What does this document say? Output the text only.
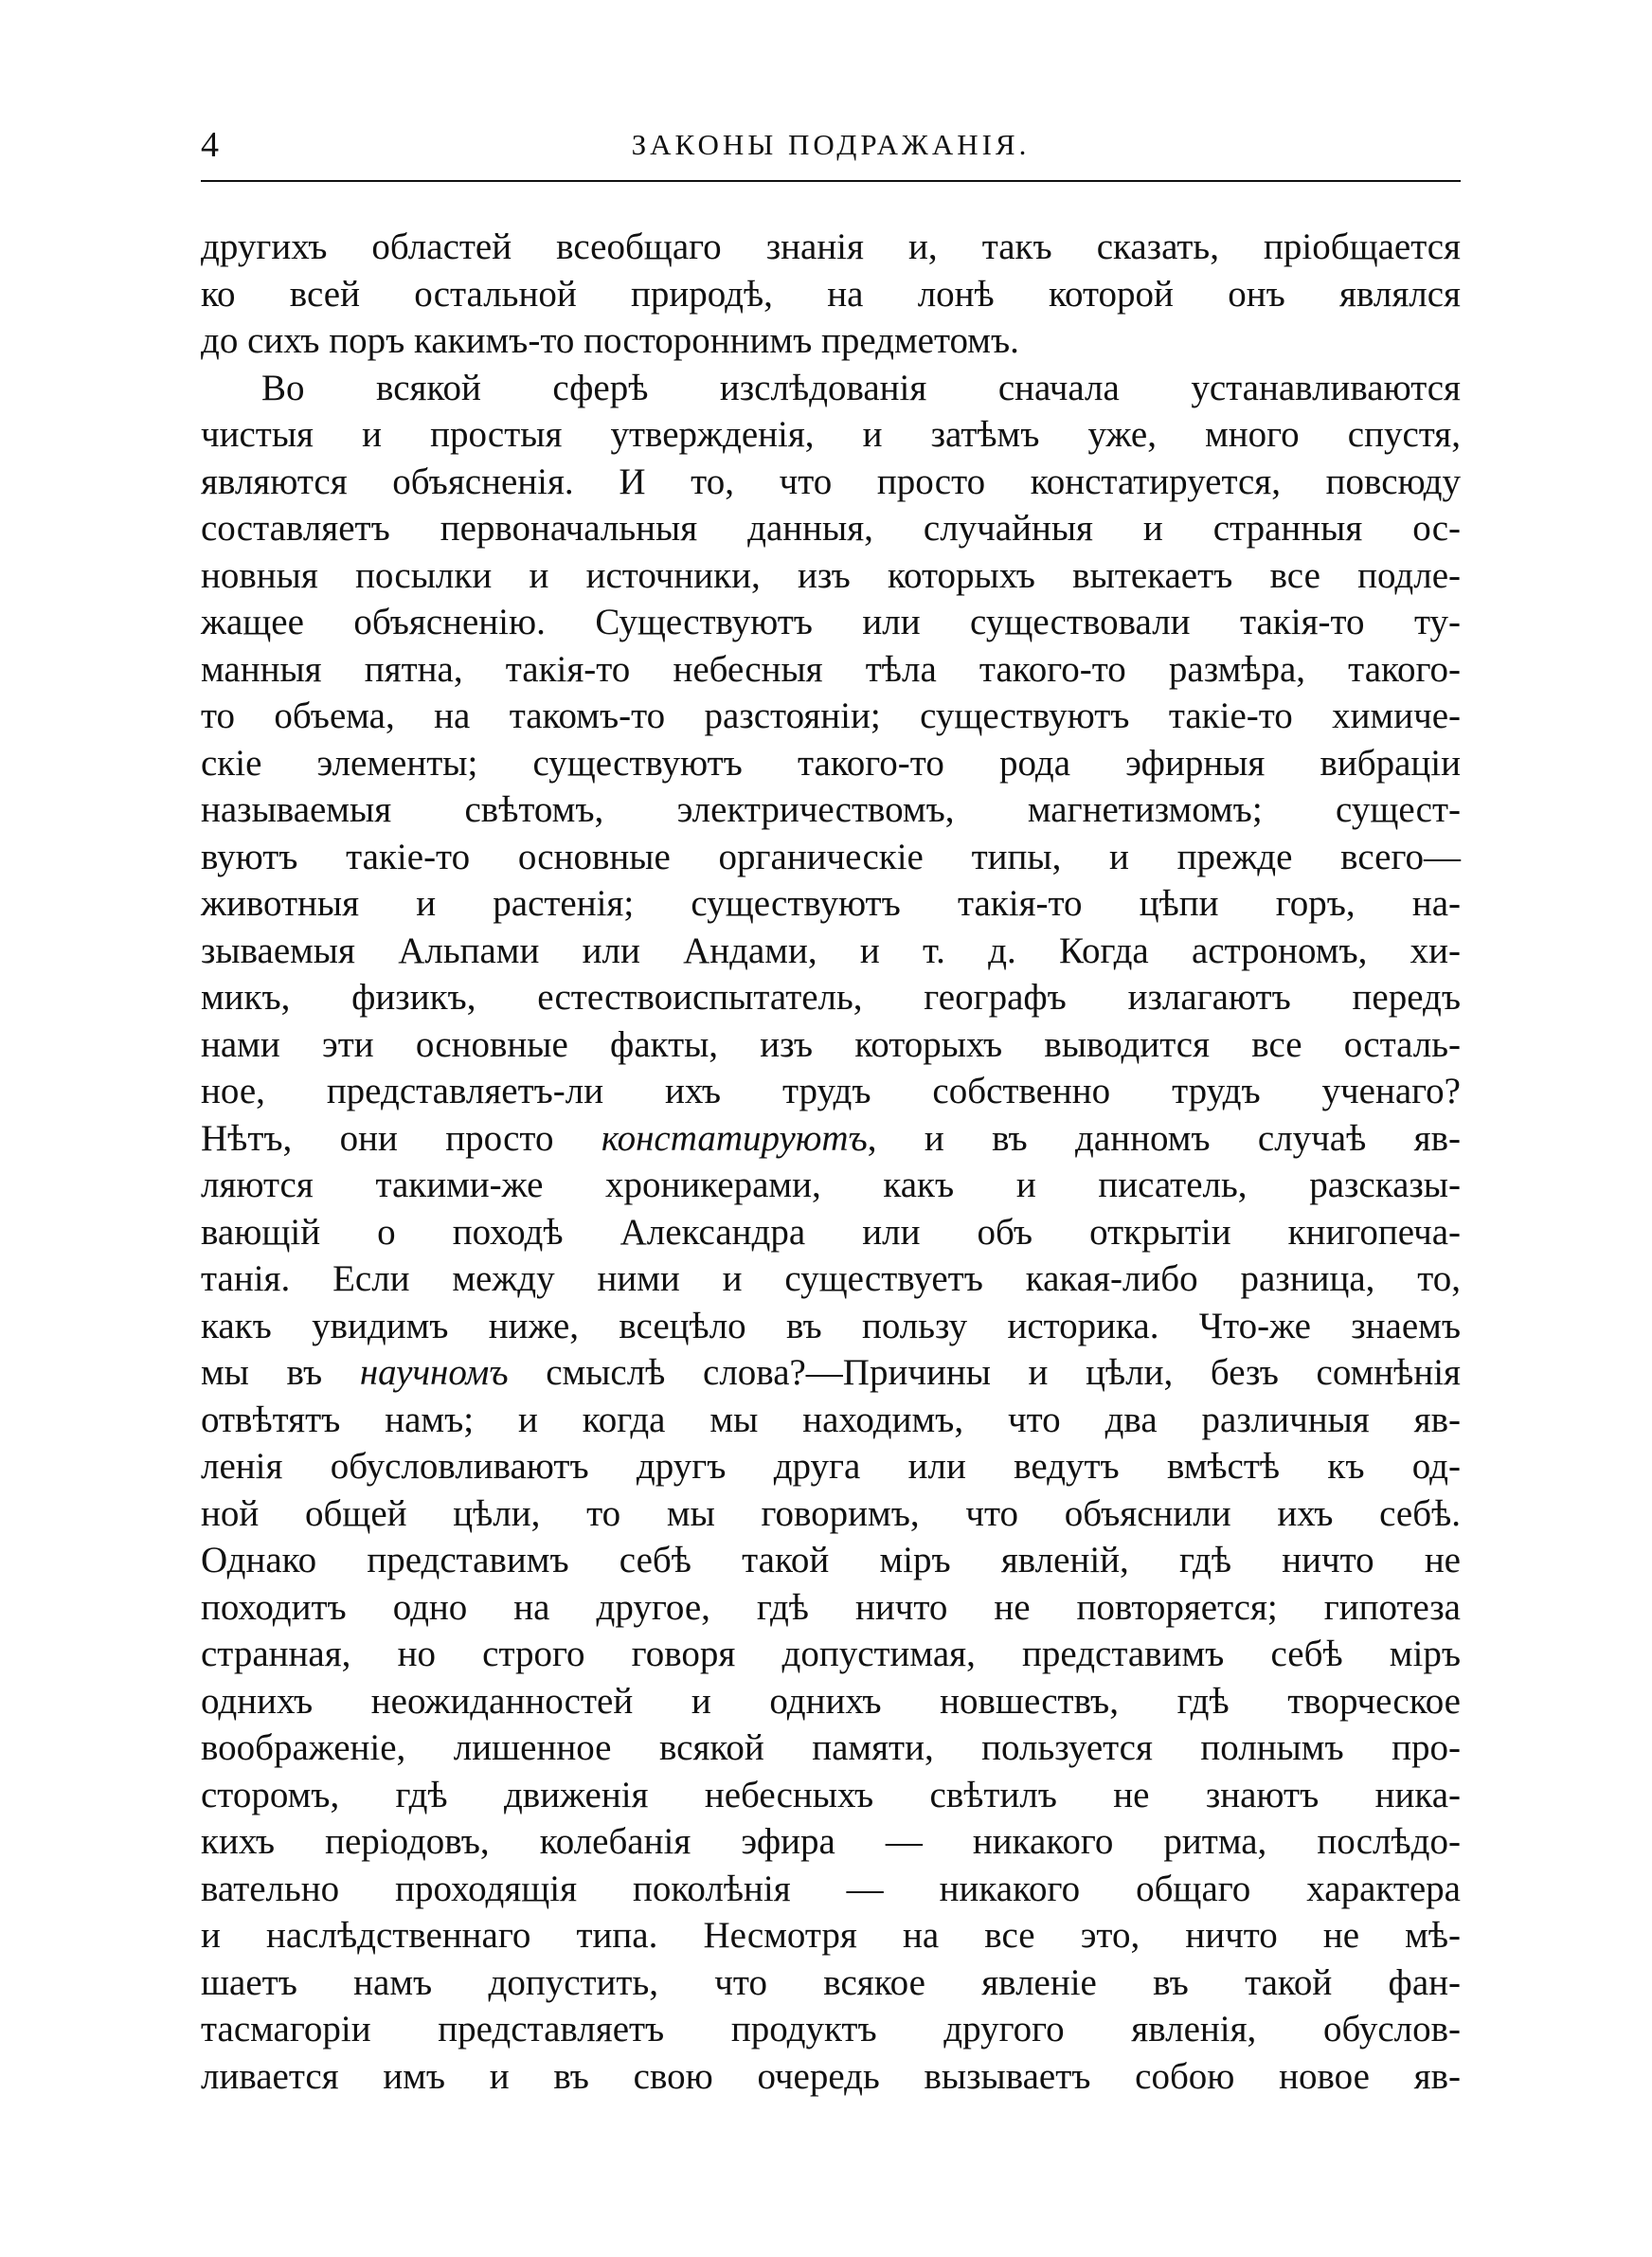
4	ЗАКОНЫ ПОДРАЖАНІЯ.
другихъ областей всеобщаго знанія и, такъ сказать, пріобщается
ко всей остальной природѣ, на лонѣ которой онъ являлся
до сихъ поръ какимъ-то постороннимъ предметомъ.
Во всякой сферѣ изслѣдованія сначала устанавливаются
чистыя и простыя утвержденія, и затѣмъ уже, много спустя,
являются объясненія. И то, что просто констатируется, повсюду
составляетъ первоначальныя данныя, случайныя и странныя ос-
новныя посылки и источники, изъ которыхъ вытекаетъ все подле-
жащее объясненію. Существуютъ или существовали такія-то ту-
манныя пятна, такія-то небесныя тѣла такого-то размѣра, такого-
то объема, на такомъ-то разстояніи; существуютъ такіе-то химиче-
скіе элементы; существуютъ такого-то рода эфирныя вибраціи
называемыя свѣтомъ, электричествомъ, магнетизмомъ; сущест-
вуютъ такіе-то основные органическіе типы, и прежде всего—
животныя и растенія; существуютъ такія-то цѣпи горъ, на-
зываемыя Альпами или Андами, и т. д. Когда астрономъ, хи-
микъ, физикъ, естествоиспытатель, географъ излагаютъ передъ
нами эти основные факты, изъ которыхъ выводится все осталь-
ное, представляетъ-ли ихъ трудъ собственно трудъ ученаго?
Нѣтъ, они просто констатируютъ, и въ данномъ случаѣ яв-
ляются такими-же хроникерами, какъ и писатель, разсказы-
вающій о походѣ Александра или объ открытіи книгопеча-
танія. Если между ними и существуетъ какая-либо разница, то,
какъ увидимъ ниже, всецѣло въ пользу историка. Что-же знаемъ
мы въ научномъ смыслѣ слова?—Причины и цѣли, безъ сомнѣнія
отвѣтятъ намъ; и когда мы находимъ, что два различныя яв-
ленія обусловливаютъ другъ друга или ведутъ вмѣстѣ къ од-
ной общей цѣли, то мы говоримъ, что объяснили ихъ себѣ.
Однако представимъ себѣ такой міръ явленій, гдѣ ничто не
походитъ одно на другое, гдѣ ничто не повторяется; гипотеза
странная, но строго говоря допустимая, представимъ себѣ міръ
однихъ неожиданностей и однихъ новшествъ, гдѣ творческое
воображеніе, лишенное всякой памяти, пользуется полнымъ про-
сторомъ, гдѣ движенія небесныхъ свѣтилъ не знаютъ ника-
кихъ періодовъ, колебанія эфира — никакого ритма, послѣдо-
вательно проходящія поколѣнія — никакого общаго характера
и наслѣдственнаго типа. Несмотря на все это, ничто не мѣ-
шаетъ намъ допустить, что всякое явленіе въ такой фан-
тасмагоріи представляетъ продуктъ другого явленія, обуслов-
ливается имъ и въ свою очередь вызываетъ собою новое яв-
